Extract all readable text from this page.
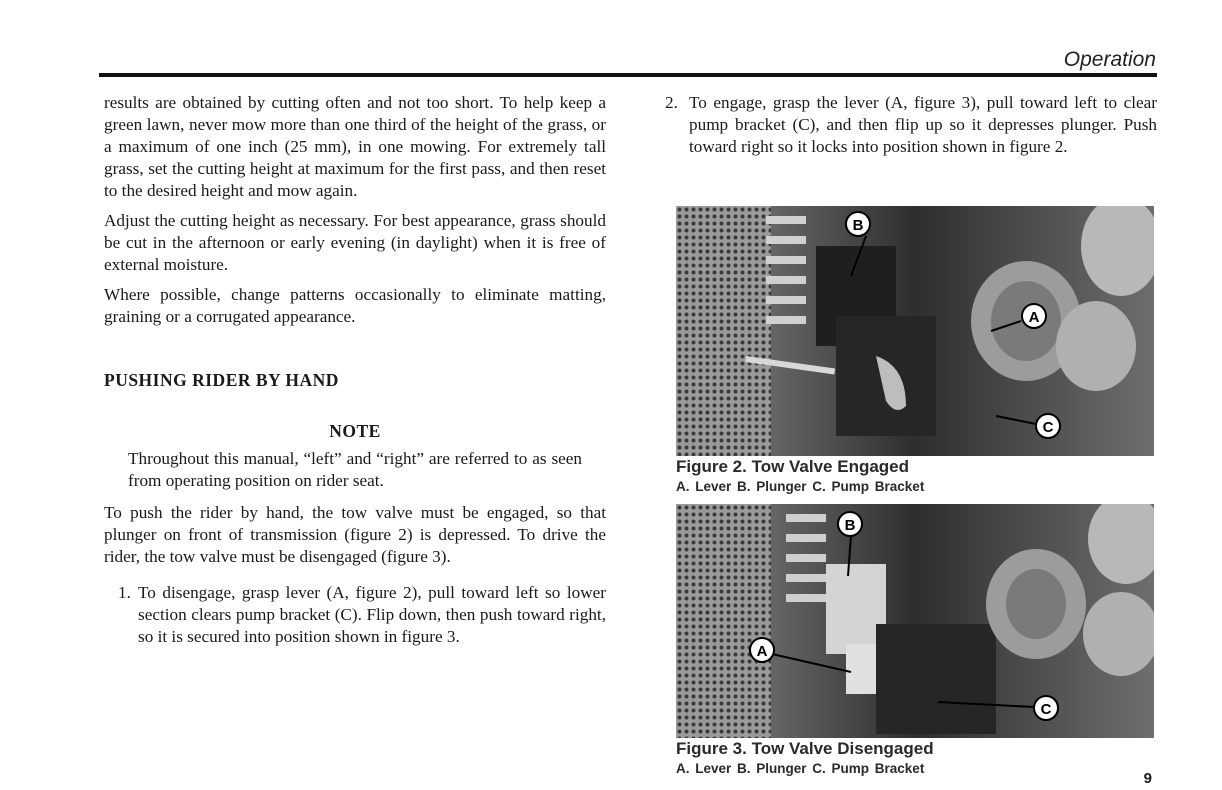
Operation

results are obtained by cutting often and not too short. To help keep a green lawn, never mow more than one third of the height of the grass, or a maximum of one inch (25 mm), in one mowing. For extremely tall grass, set the cutting height at maximum for the first pass, and then reset to the desired height and mow again.

Adjust the cutting height as necessary. For best appearance, grass should be cut in the afternoon or early evening (in daylight) when it is free of external moisture.

Where possible, change patterns occasionally to eliminate matting, graining or a corrugated appearance.

PUSHING RIDER BY HAND
NOTE

Throughout this manual, “left” and “right” are referred to as seen from operating position on rider seat.

To push the rider by hand, the tow valve must be engaged, so that plunger on front of transmission (figure 2) is depressed. To drive the rider, the tow valve must be disengaged (figure 3).

1. To disengage, grasp lever (A, figure 2), pull toward left so lower section clears pump bracket (C). Flip down, then push toward right, so it is secured into position shown in figure 3.

2. To engage, grasp the lever (A, figure 3), pull toward left to clear pump bracket (C), and then flip up so it depresses plunger. Push toward right so it locks into position shown in figure 2.

B
A
C
Figure 2. Tow Valve Engaged
A. Lever B. Plunger C. Pump Bracket
B
A
C
Figure 3. Tow Valve Disengaged
A. Lever B. Plunger C. Pump Bracket
9
